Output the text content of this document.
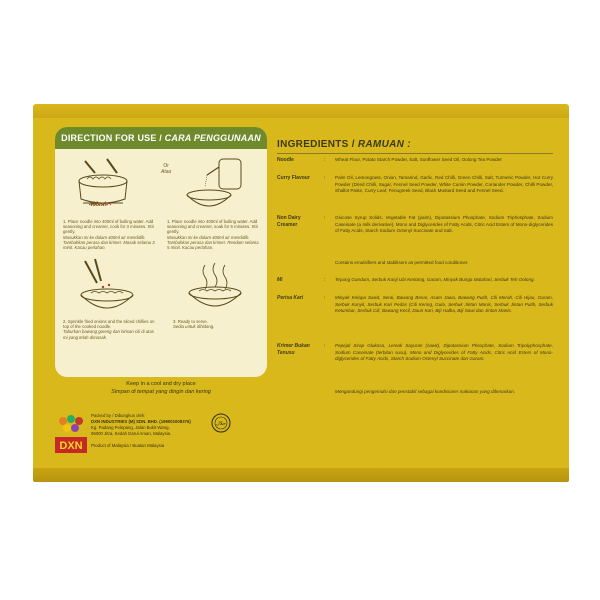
DIRECTION FOR USE / CARA PENGGUNAAN
400ml
Or
Atau
1. Place noodle into 400ml of boiling water. Add seasoning and creamer, cook for 3 minutes. Stir gently.
Masukkan mi ke dalam 400ml air mendidih. Tambahkan perasa dan krimer. Masak selama 3 minit. Kacau perlahan.
1. Place noodle into 400ml of boiling water. Add seasoning and creamer, soak for 5 minutes. Stir gently.
Masukkan mi ke dalam 400ml air mendidih. Tambahkan perasa dan krimer. Rendam selama 5 minit. Kacau perlahan.
2. Sprinkle fried onions and the sliced chillies on top of the cooked noodle.
Taburkan bawang goreng dan hirisan cili di atas mi yang telah dimasak.
3. Ready to serve.
Sedia untuk dihidang.
Keep in a cool and dry place
Simpan di tempat yang dingin dan kering
DXN
Packed by / Dibungkus oleh:
DXN INDUSTRIES (M) SDN. BHD. (199001008376)
Kg. Padang Pelepang, Jalan Bukit Wang,
06000 Jitra, Kedah Darul Aman, Malaysia.
Product of Malaysia / Buatan Malaysia
حلال
INGREDIENTS / RAMUAN :
Noodle	: Wheat Flour, Potato Starch Powder, Salt, Sunflower Seed Oil, Oolong Tea Powder
Curry Flavour	: Palm Oil, Lemongrass, Onion, Tamarind, Garlic, Red Chilli, Green Chilli, Salt, Turmeric Powder, Hot Curry Powder (Dried Chilli, Sugar, Fennel Seed Powder, White Cumin Powder, Coriander Powder, Chilli Powder, Shallot Paste, Curry Leaf, Fenugreek Seed, Black Mustard Seed and Fennel Seed.
Non Dairy Creamer
: Glucose Syrup Solids, Vegetable Fat (palm), Dipotassium Phosphate, Sodium Triphosphate, Sodium Caseinate (a milk derivative), Mono and Diglycerides of Fatty Acids, Citric Acid Esters of Mono-diglycerides of Fatty Acids, Starch Sodium Octenyl Succinate and Salt.
Contains emulsifiers and stabilisers as permitted food conditioner.
Mi	: Tepung Gandum, Serbuk Kanji Ubi Kentang, Garam, Minyak Bunga Matahari, Serbuk Teh Oolong.
Perisa Kari	: Minyak Kelapa Sawit, Serai, Bawang Besar, Asam Jawa, Bawang Putih, Cili Merah, Cili Hijau, Garam, Serbuk Kunyit, Serbuk Kari Pedas (Cili Kering, Gula, Serbuk Jintan Manis, Serbuk Jintan Putih, Serbuk Ketumbar, Serbuk Cili, Bawang Kecil, Daun Kari, Biji Halba, Biji Sawi dan Jintan Manis.
Krimer Bukan Tenusu
: Pepejal Sirap Glukosa, Lemak Sayuran (sawit), Dipotassium Phosphate, Sodium Tripolyphosphate, Sodium Caseinate (terbitan susu), Mono and Diglycerides of Fatty Acids, Citric Acid Esters of Mono-diglycerides of Fatty Acids, Starch Sodium Octenyl Succinate dan Garam.
Mengandungi pengemulsi dan penstabil sebagai kondisioner makanan yang dibenarkan.
